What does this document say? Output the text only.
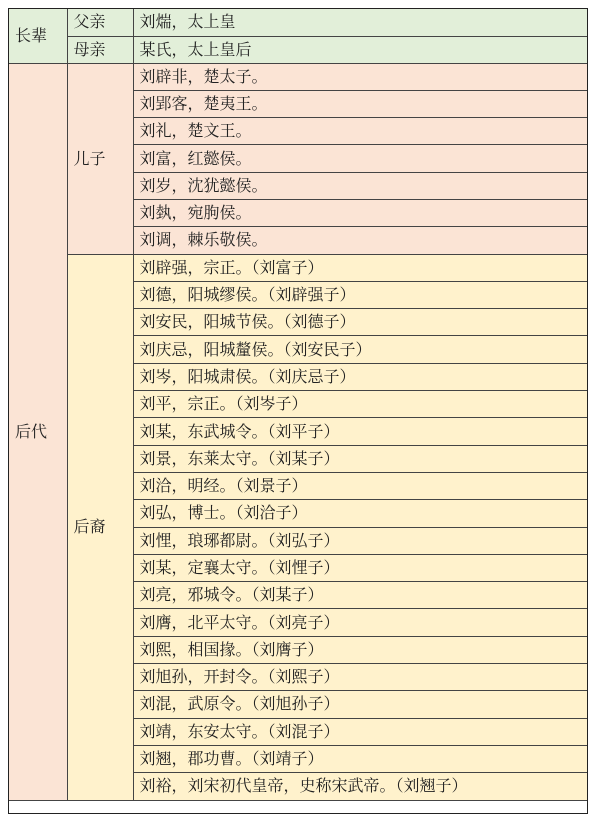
长辈	父亲	刘煓，太上皇
	母亲	某氏，太上皇后
后代	儿子	刘辟非，楚太子。
		刘郢客，楚夷王。
		刘礼，楚文王。
		刘富，红懿侯。
		刘岁，沈犹懿侯。
		刘埶，宛朐侯。
		刘调，棘乐敬侯。
	后裔	刘辟强，宗正。（刘富子）
		刘德，阳城缪侯。（刘辟强子）
		刘安民，阳城节侯。（刘德子）
		刘庆忌，阳城釐侯。（刘安民子）
		刘岑，阳城肃侯。（刘庆忌子）
		刘平，宗正。（刘岑子）
		刘某，东武城令。（刘平子）
		刘景，东莱太守。（刘某子）
		刘洽，明经。（刘景子）
		刘弘，博士。（刘洽子）
		刘悝，琅琊都尉。（刘弘子）
		刘某，定襄太守。（刘悝子）
		刘亮，邪城令。（刘某子）
		刘膺，北平太守。（刘亮子）
		刘熙，相国掾。（刘膺子）
		刘旭孙，开封令。（刘熙子）
		刘混，武原令。（刘旭孙子）
		刘靖，东安太守。（刘混子）
		刘翘，郡功曹。（刘靖子）
		刘裕，刘宋初代皇帝，史称宋武帝。（刘翘子）
